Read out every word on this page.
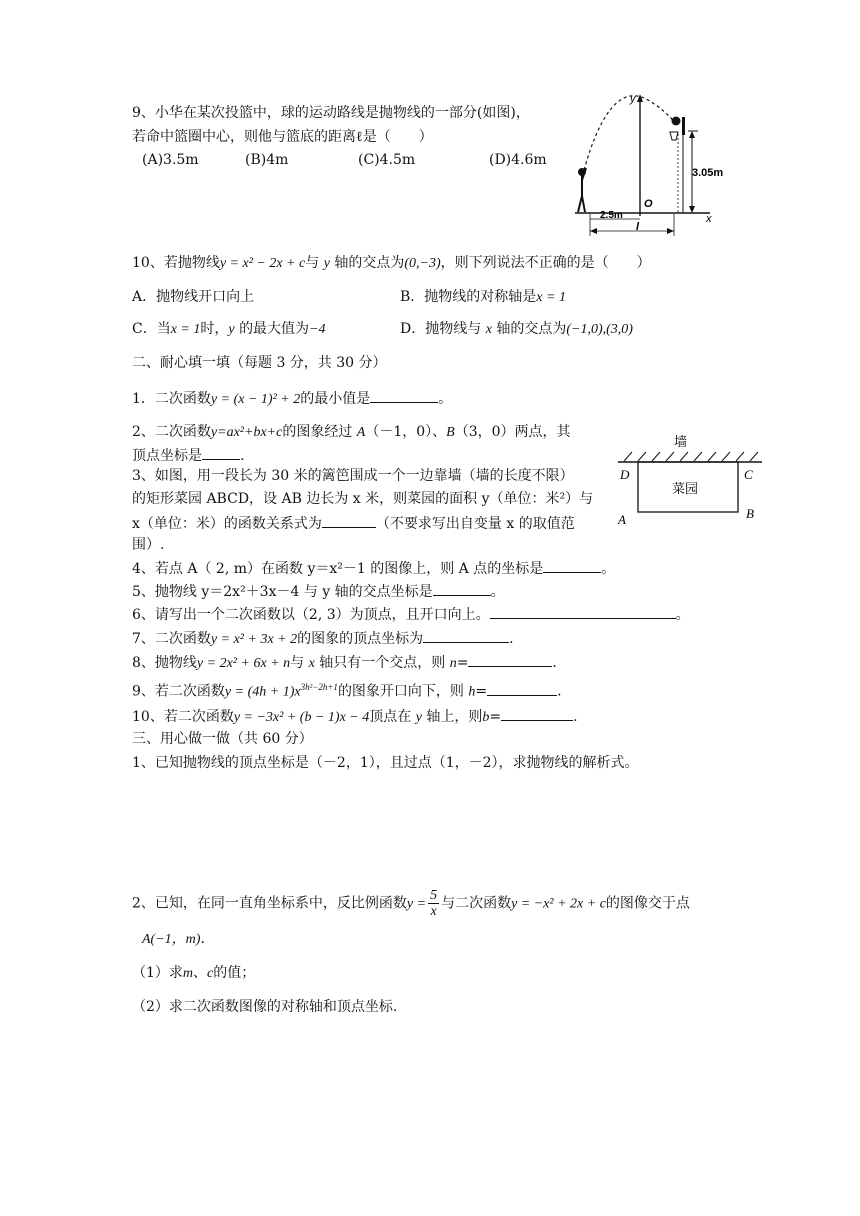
9、小华在某次投篮中，球的运动路线是抛物线的一部分(如图)，
若命中篮圈中心，则他与篮底的距离ℓ是（　　）
(A)3.5m	(B)4m	(C)4.5m	(D)4.6m
y
x
O
3.05m
2.5m
l
10、若抛物线y = x² − 2x + c与 y 轴的交点为(0,−3)，则下列说法不正确的是（　　）
A．抛物线开口向上	B．抛物线的对称轴是x = 1
C．当x = 1时，y 的最大值为−4	D．抛物线与 x 轴的交点为(−1,0),(3,0)
二、耐心填一填（每题 3 分，共 30 分）
1．二次函数y = (x − 1)² + 2的最小值是	。
2、二次函数y=ax²+bx+c的图象经过 A（－1，0）、B（3，0）两点，其
顶点坐标是	.
3、如图，用一段长为 30 米的篱笆围成一个一边靠墙（墙的长度不限）
的矩形菜园 ABCD，设 AB 边长为 x 米，则菜园的面积 y（单位：米²）与
x（单位：米）的函数关系式为	（不要求写出自变量 x 的取值范
围）.
墙
菜园
D	C
A	B
4、若点 A（ 2, m）在函数 y＝x²－1 的图像上，则 A 点的坐标是	。
5、抛物线 y＝2x²＋3x－4 与 y 轴的交点坐标是	。
6、请写出一个二次函数以（2, 3）为顶点，且开口向上。	。
7、二次函数y = x² + 3x + 2的图象的顶点坐标为	.
8、抛物线y = 2x² + 6x + n与 x 轴只有一个交点，则 n=	.
9、若二次函数$y = (4h + 1)x^{3h^2-2h+1}$的图象开口向下，则 h=	.
10、若二次函数y = −3x² + (b − 1)x − 4顶点在 y 轴上，则b=	.
三、用心做一做（共 60 分）
1、已知抛物线的顶点坐标是（－2，1），且过点（1，－2），求抛物线的解析式。
2、已知，在同一直角坐标系中，反比例函数$y = \frac{5}{x}$ 与二次函数y = −x² + 2x + c的图像交于点
A(−1，m)．
（1）求m、c的值；
（2）求二次函数图像的对称轴和顶点坐标.
